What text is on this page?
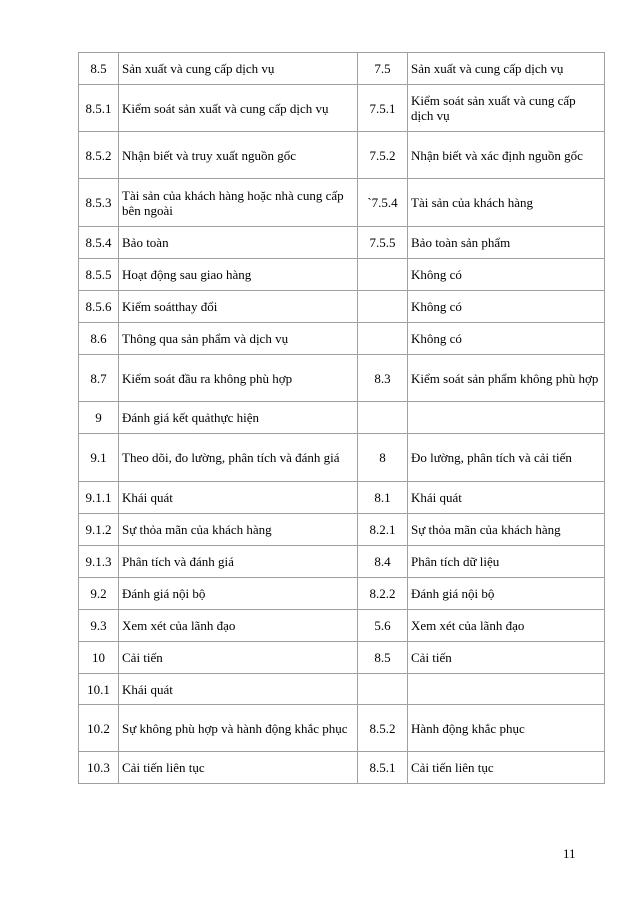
8.5	Sản xuất và cung cấp dịch vụ	7.5	Sản xuất và cung cấp dịch vụ
8.5.1	Kiểm soát sản xuất và cung cấp dịch vụ	7.5.1	Kiểm soát sản xuất và cung cấp dịch vụ
8.5.2	Nhận biết và truy xuất nguồn gốc	7.5.2	Nhận biết và xác định nguồn gốc
8.5.3	Tài sản của khách hàng hoặc nhà cung cấp bên ngoài	`7.5.4	Tài sản của khách hàng
8.5.4	Bảo toàn	7.5.5	Bảo toàn sản phẩm
8.5.5	Hoạt động sau giao hàng		Không có
8.5.6	Kiểm soátthay đổi		Không có
8.6	Thông qua sản phẩm và dịch vụ		Không có
8.7	Kiểm soát đầu ra không phù hợp	8.3	Kiểm soát sản phẩm không phù hợp
9	Đánh giá kết quảthực hiện		
9.1	Theo dõi, đo lường, phân tích và đánh giá	8	Đo lường, phân tích và cải tiến
9.1.1	Khái quát	8.1	Khái quát
9.1.2	Sự thỏa mãn của khách hàng	8.2.1	Sự thỏa mãn của khách hàng
9.1.3	Phân tích và đánh giá	8.4	Phân tích dữ liệu
9.2	Đánh giá nội bộ	8.2.2	Đánh giá nội bộ
9.3	Xem xét của lãnh đạo	5.6	Xem xét của lãnh đạo
10	Cải tiến	8.5	Cải tiến
10.1	Khái quát		
10.2	Sự không phù hợp và hành động khắc phục	8.5.2	Hành động khắc phục
10.3	Cải tiến liên tục	8.5.1	Cải tiến liên tục
11
